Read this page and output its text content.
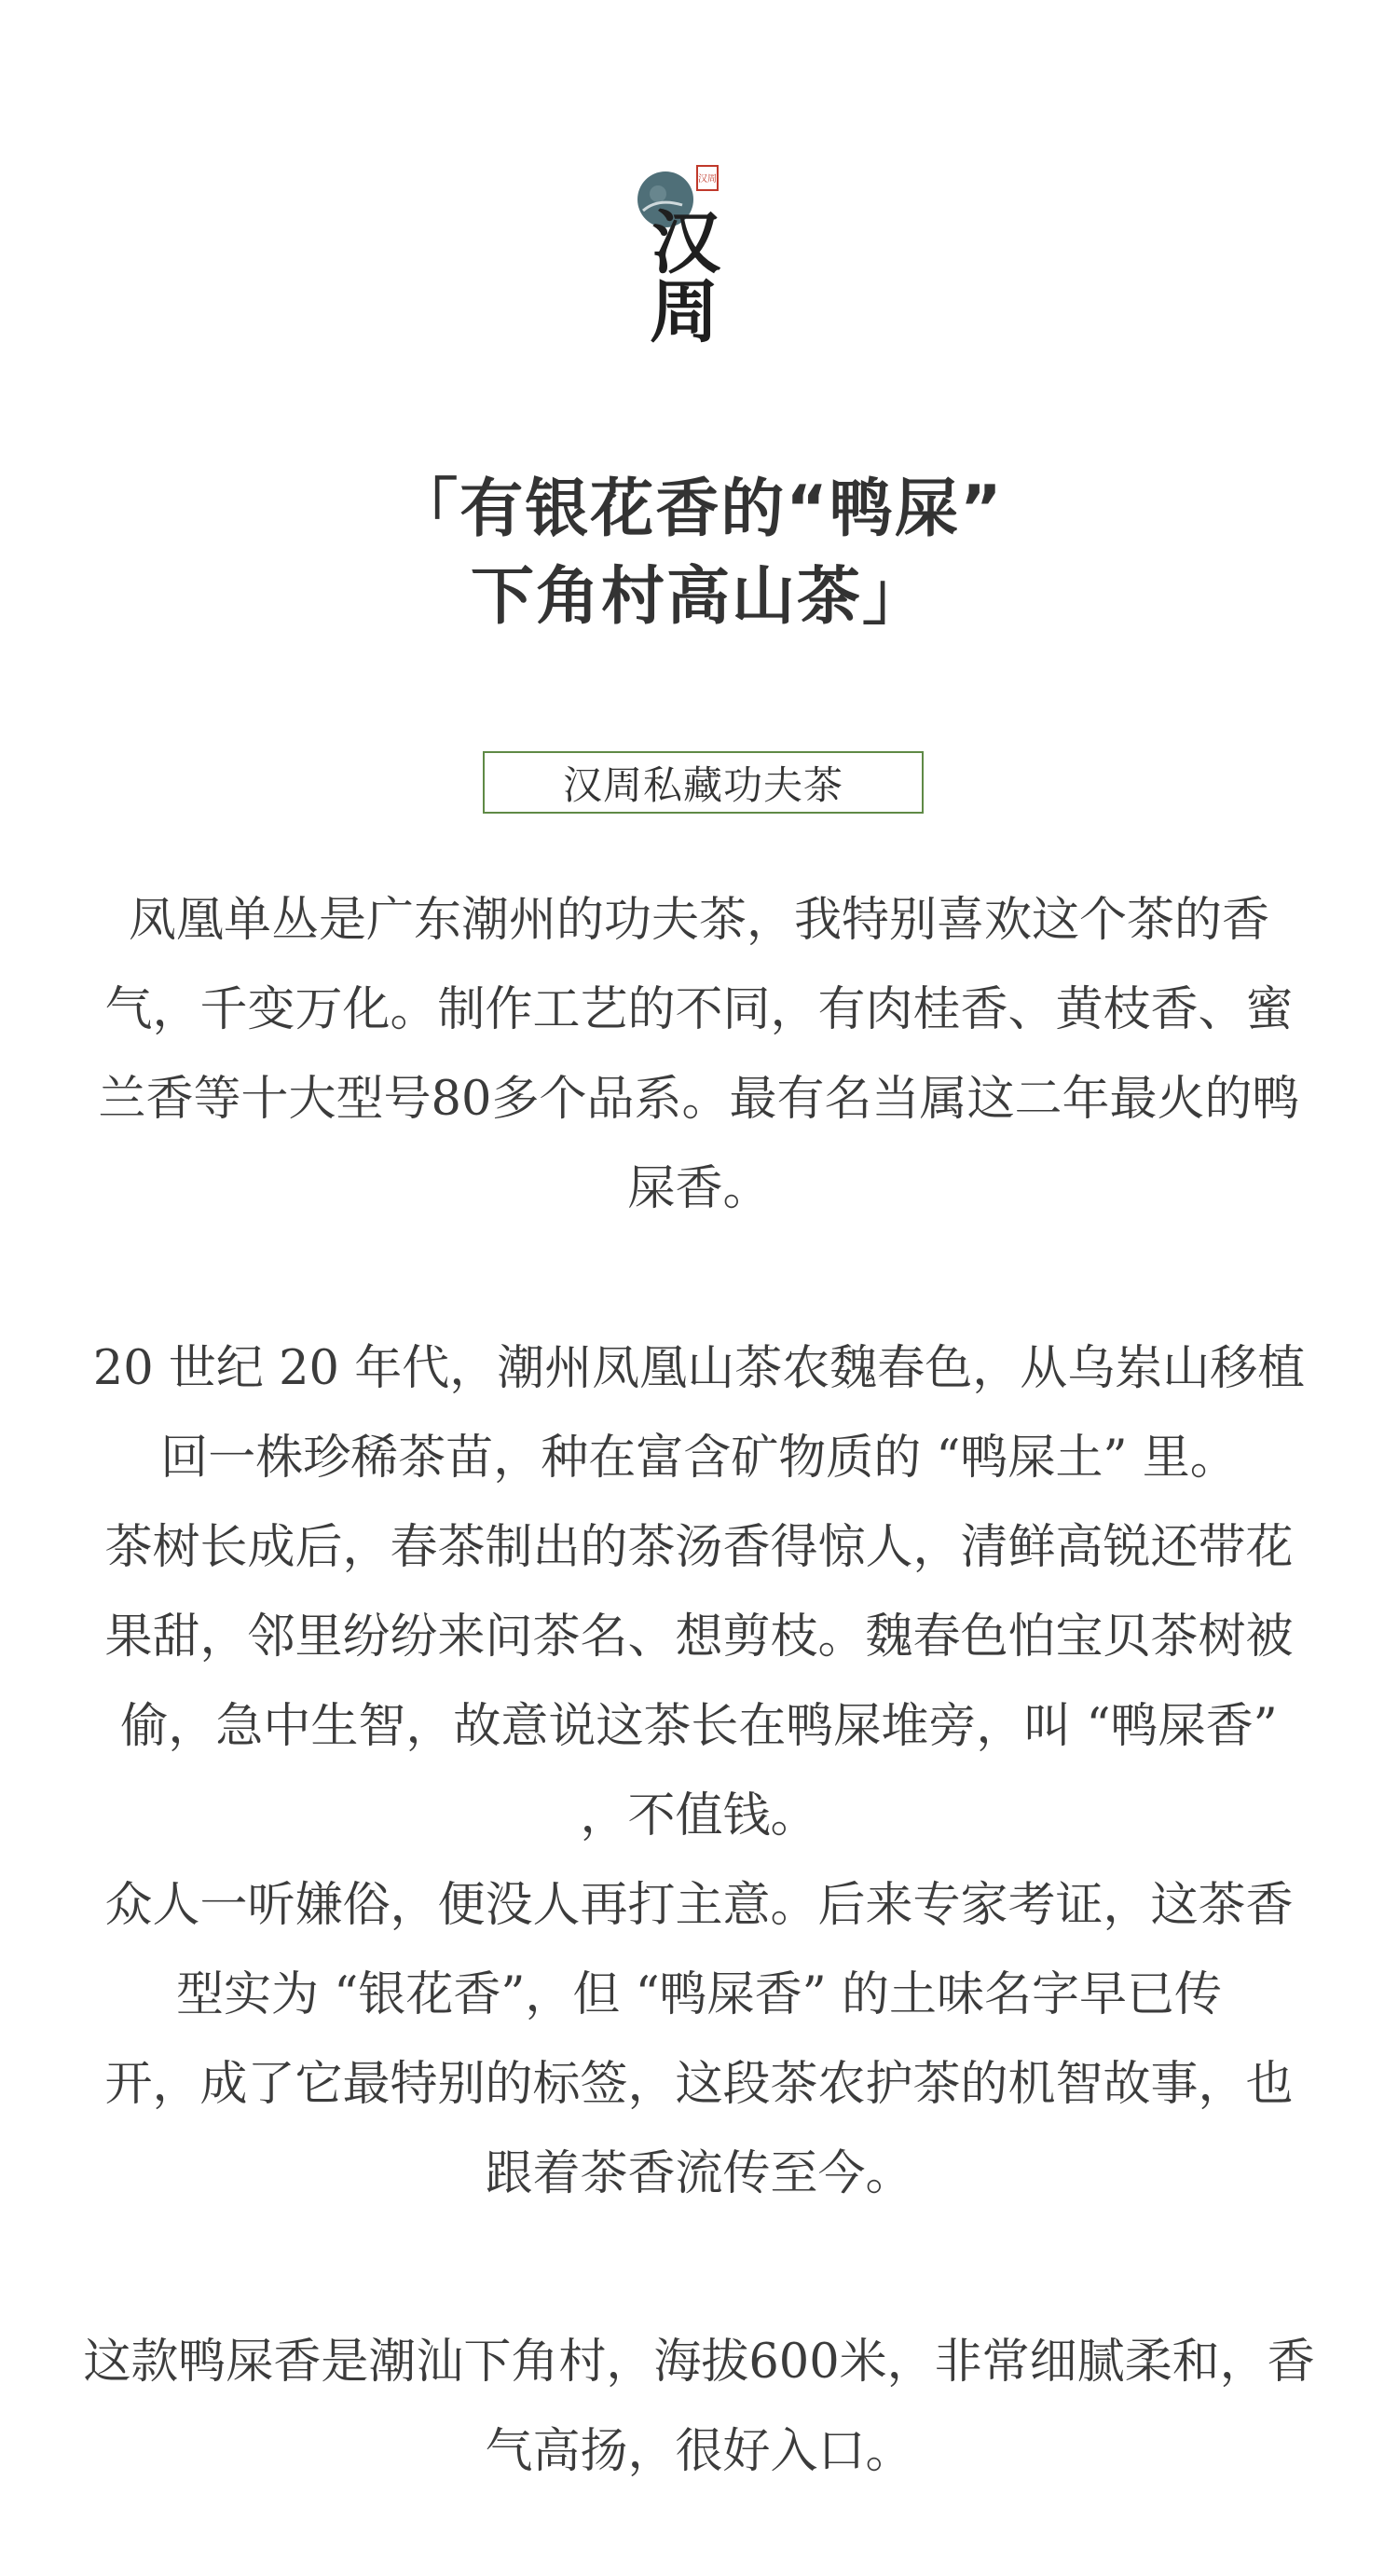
汉周
汉
周
「有银花香的“鸭屎”
下角村高山茶」
汉周私藏功夫茶
凤凰单丛是广东潮州的功夫茶，我特别喜欢这个茶的香
气，千变万化。制作工艺的不同，有肉桂香、黄枝香、蜜
兰香等十大型号80多个品系。最有名当属这二年最火的鸭
屎香。
20 世纪 20 年代，潮州凤凰山茶农魏春色，从乌岽山移植
回一株珍稀茶苗，种在富含矿物质的 “鸭屎土” 里。
茶树长成后，春茶制出的茶汤香得惊人，清鲜高锐还带花
果甜，邻里纷纷来问茶名、想剪枝。魏春色怕宝贝茶树被
偷，急中生智，故意说这茶长在鸭屎堆旁，叫 “鸭屎香”
，不值钱。
众人一听嫌俗，便没人再打主意。后来专家考证，这茶香
型实为 “银花香”，但 “鸭屎香” 的土味名字早已传
开，成了它最特别的标签，这段茶农护茶的机智故事，也
跟着茶香流传至今。
这款鸭屎香是潮汕下角村，海拔600米，非常细腻柔和，香
气高扬，很好入口。
